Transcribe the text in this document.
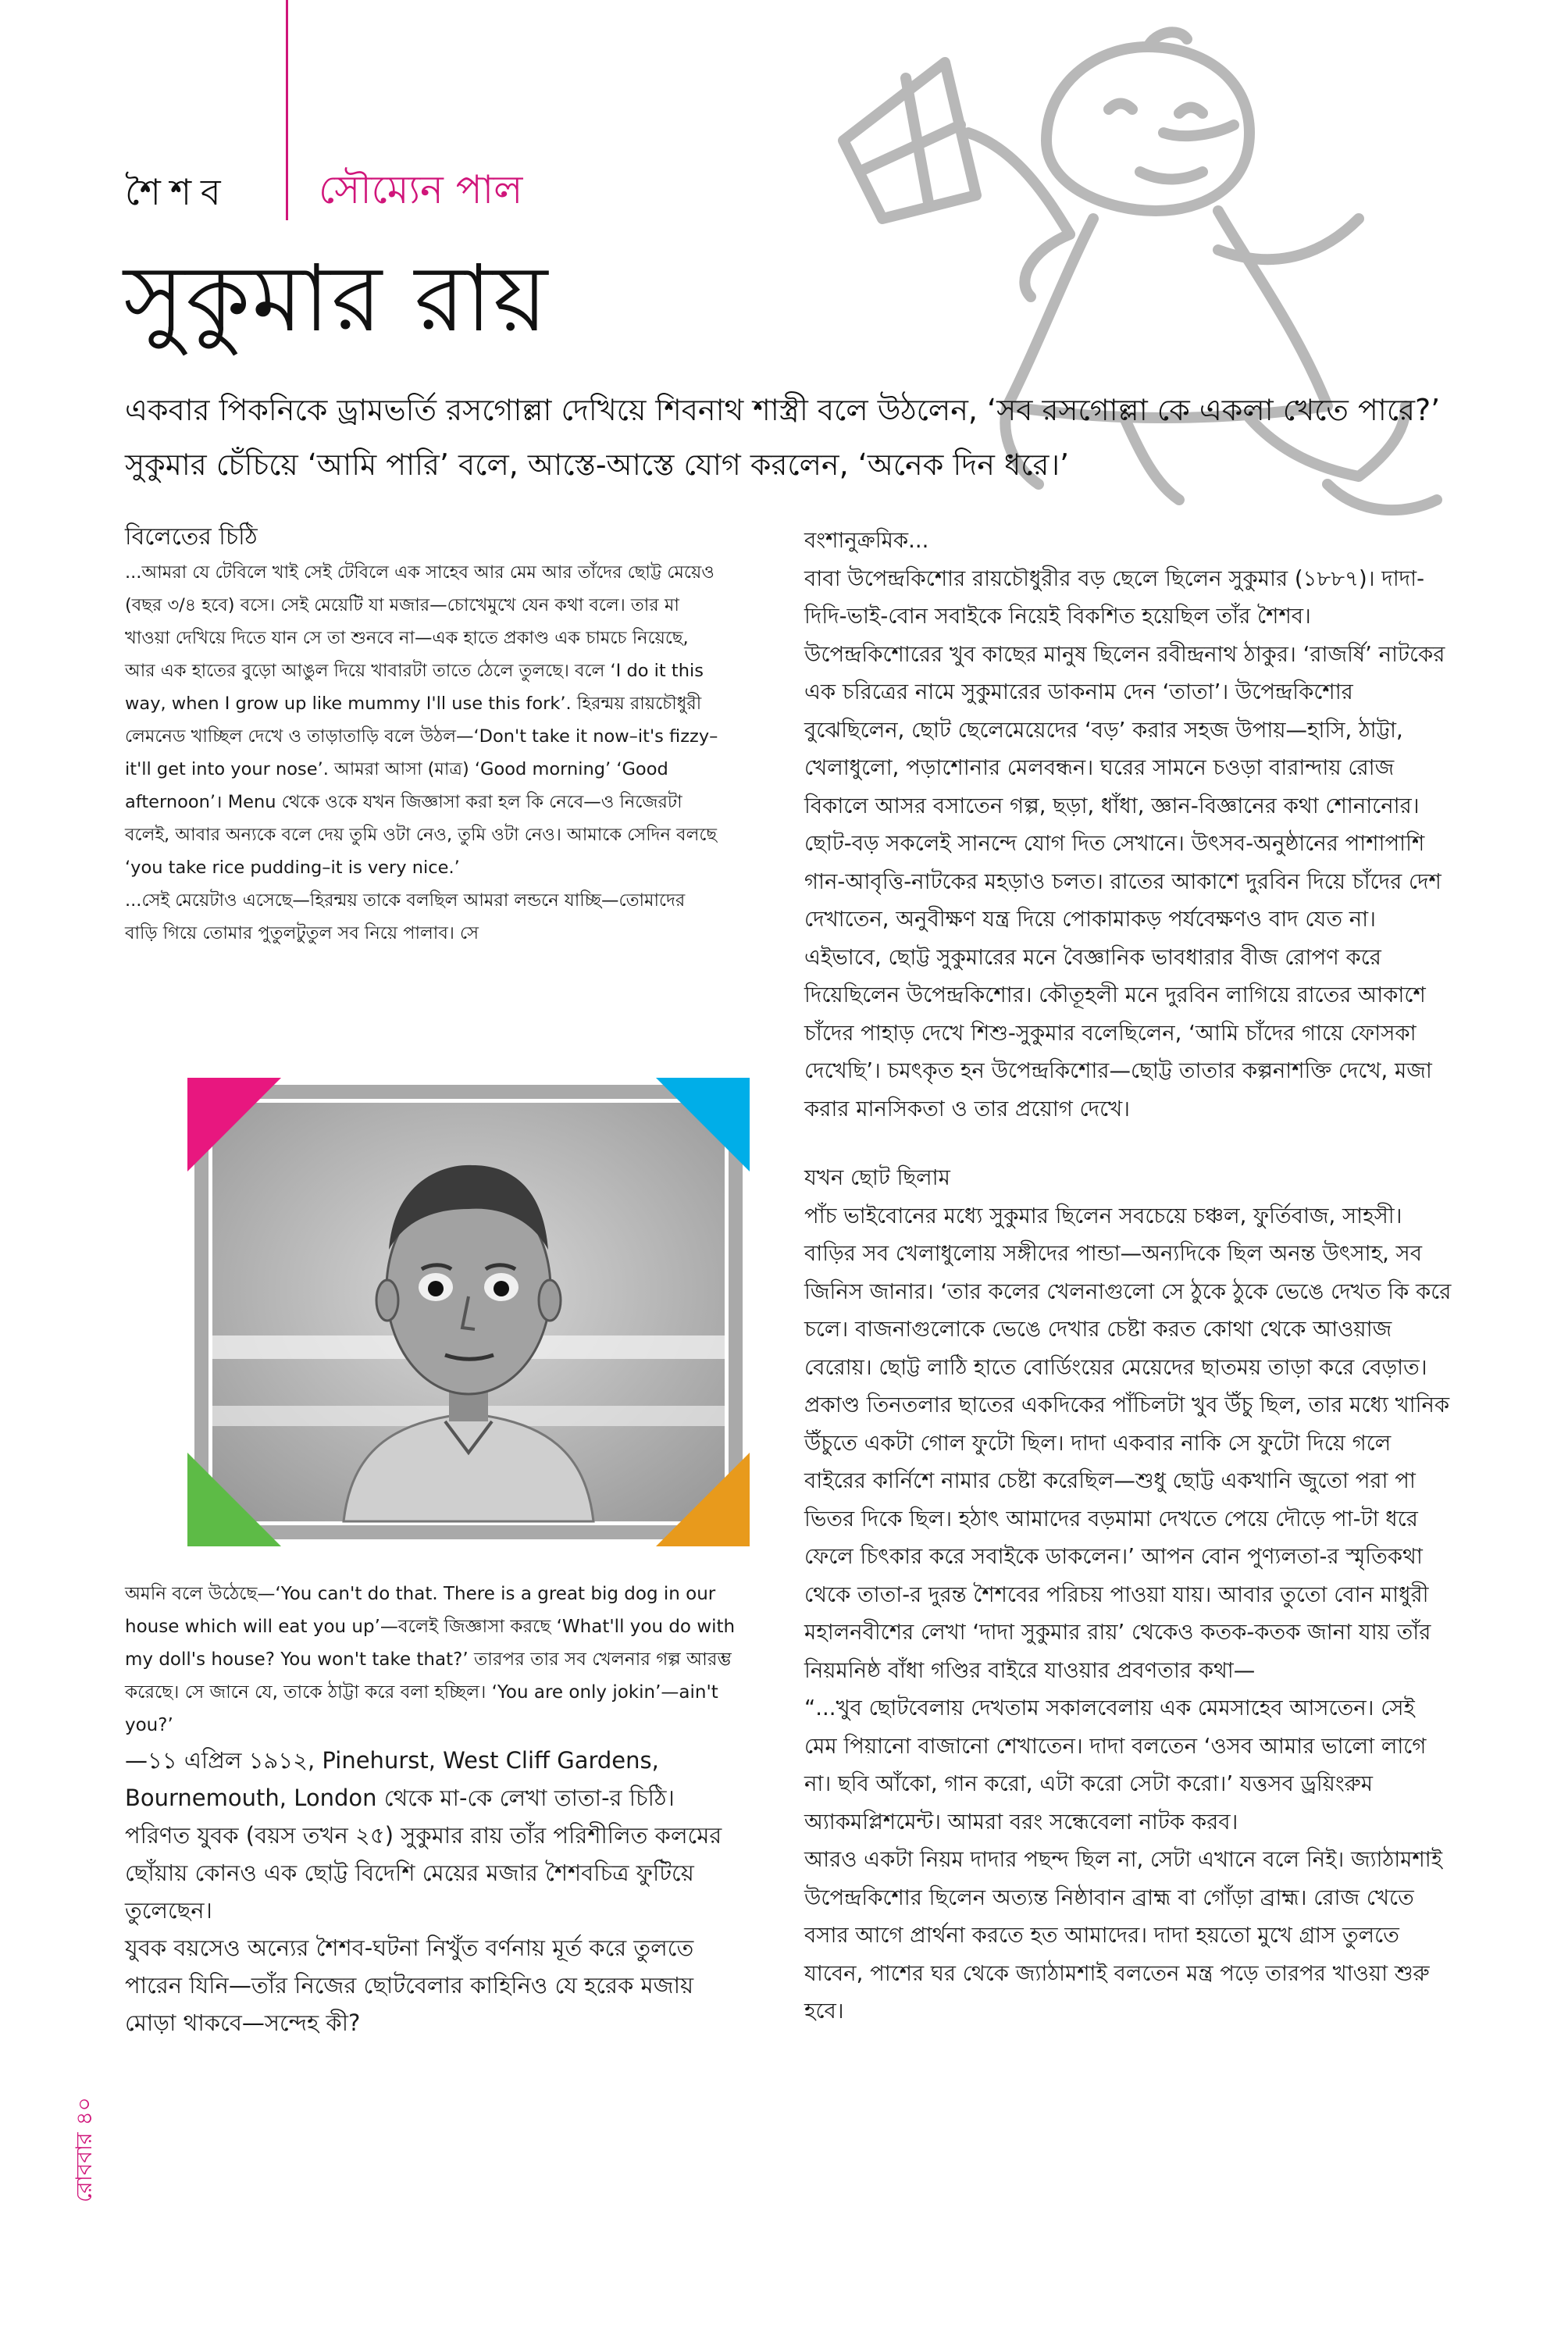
শৈশব সৌম্যেন পাল
সুকুমার রায়
একবার পিকনিকে ড্রামভর্তি রসগোল্লা দেখিয়ে শিবনাথ শাস্ত্রী বলে উঠলেন, ‘সব রসগোল্লা কে একলা খেতে পারে?’ সুকুমার চেঁচিয়ে ‘আমি পারি’ বলে, আস্তে-আস্তে যোগ করলেন, ‘অনেক দিন ধরে।’
বিলেতের চিঠি

...আমরা যে টেবিলে খাই সেই টেবিলে এক সাহেব আর মেম আর তাঁদের ছোট্ট মেয়েও (বছর ৩/৪ হবে) বসে। সেই মেয়েটি যা মজার—চোখেমুখে যেন কথা বলে। তার মা খাওয়া দেখিয়ে দিতে যান সে তা শুনবে না—এক হাতে প্রকাণ্ড এক চামচে নিয়েছে, আর এক হাতের বুড়ো আঙুল দিয়ে খাবারটা তাতে ঠেলে তুলছে। বলে ‘I do it this way, when I grow up like mummy I'll use this fork’. হিরন্ময় রায়চৌধুরী লেমনেড খাচ্ছিল দেখে ও তাড়াতাড়ি বলে উঠল—‘Don't take it now–it's fizzy–it'll get into your nose’. আমরা আসা (মাত্র) ‘Good morning’ ‘Good afternoon’। Menu থেকে ওকে যখন জিজ্ঞাসা করা হল কি নেবে—ও নিজেরটা বলেই, আবার অন্যকে বলে দেয় তুমি ওটা নেও, তুমি ওটা নেও। আমাকে সেদিন বলছে ‘you take rice pudding–it is very nice.’
...সেই মেয়েটাও এসেছে—হিরন্ময় তাকে বলছিল আমরা লন্ডনে যাচ্ছি—তোমাদের বাড়ি গিয়ে তোমার পুতুলটুতুল সব নিয়ে পালাব। সে

অমনি বলে উঠেছে—‘You can't do that. There is a great big dog in our house which will eat you up’—বলেই জিজ্ঞাসা করছে ‘What'll you do with my doll's house? You won't take that?’ তারপর তার সব খেলনার গল্প আরম্ভ করেছে। সে জানে যে, তাকে ঠাট্টা করে বলা হচ্ছিল। ‘You are only jokin’—ain't you?’

—১১ এপ্রিল ১৯১২, Pinehurst, West Cliff Gardens, Bournemouth, London থেকে মা-কে লেখা তাতা-র চিঠি। পরিণত যুবক (বয়স তখন ২৫) সুকুমার রায় তাঁর পরিশীলিত কলমের ছোঁয়ায় কোনও এক ছোট্ট বিদেশি মেয়ের মজার শৈশবচিত্র ফুটিয়ে তুলেছেন।
যুবক বয়সেও অন্যের শৈশব-ঘটনা নিখুঁত বর্ণনায় মূর্ত করে তুলতে পারেন যিনি—তাঁর নিজের ছোটবেলার কাহিনিও যে হরেক মজায় মোড়া থাকবে—সন্দেহ কী?

বংশানুক্রমিক...

বাবা উপেন্দ্রকিশোর রায়চৌধুরীর বড় ছেলে ছিলেন সুকুমার (১৮৮৭)। দাদা-দিদি-ভাই-বোন সবাইকে নিয়েই বিকশিত হয়েছিল তাঁর শৈশব। উপেন্দ্রকিশোরের খুব কাছের মানুষ ছিলেন রবীন্দ্রনাথ ঠাকুর। ‘রাজর্ষি’ নাটকের এক চরিত্রের নামে সুকুমারের ডাকনাম দেন ‘তাতা’। উপেন্দ্রকিশোর বুঝেছিলেন, ছোট ছেলেমেয়েদের ‘বড়’ করার সহজ উপায়—হাসি, ঠাট্টা, খেলাধুলো, পড়াশোনার মেলবন্ধন। ঘরের সামনে চওড়া বারান্দায় রোজ বিকালে আসর বসাতেন গল্প, ছড়া, ধাঁধা, জ্ঞান-বিজ্ঞানের কথা শোনানোর। ছোট-বড় সকলেই সানন্দে যোগ দিত সেখানে। উৎসব-অনুষ্ঠানের পাশাপাশি গান-আবৃত্তি-নাটকের মহড়াও চলত। রাতের আকাশে দুরবিন দিয়ে চাঁদের দেশ দেখাতেন, অনুবীক্ষণ যন্ত্র দিয়ে পোকামাকড় পর্যবেক্ষণও বাদ যেত না। এইভাবে, ছোট্ট সুকুমারের মনে বৈজ্ঞানিক ভাবধারার বীজ রোপণ করে দিয়েছিলেন উপেন্দ্রকিশোর। কৌতূহলী মনে দুরবিন লাগিয়ে রাতের আকাশে চাঁদের পাহাড় দেখে শিশু-সুকুমার বলেছিলেন, ‘আমি চাঁদের গায়ে ফোসকা দেখেছি’। চমৎকৃত হন উপেন্দ্রকিশোর—ছোট্ট তাতার কল্পনাশক্তি দেখে, মজা করার মানসিকতা ও তার প্রয়োগ দেখে।

যখন ছোট ছিলাম

পাঁচ ভাইবোনের মধ্যে সুকুমার ছিলেন সবচেয়ে চঞ্চল, ফুর্তিবাজ, সাহসী। বাড়ির সব খেলাধুলোয় সঙ্গীদের পান্ডা—অন্যদিকে ছিল অনন্ত উৎসাহ, সব জিনিস জানার। ‘তার কলের খেলনাগুলো সে ঠুকে ঠুকে ভেঙে দেখত কি করে চলে। বাজনাগুলোকে ভেঙে দেখার চেষ্টা করত কোথা থেকে আওয়াজ বেরোয়। ছোট্ট লাঠি হাতে বোর্ডিংয়ের মেয়েদের ছাতময় তাড়া করে বেড়াত। প্রকাণ্ড তিনতলার ছাতের একদিকের পাঁচিলটা খুব উঁচু ছিল, তার মধ্যে খানিক উঁচুতে একটা গোল ফুটো ছিল। দাদা একবার নাকি সে ফুটো দিয়ে গলে বাইরের কার্নিশে নামার চেষ্টা করেছিল—শুধু ছোট্ট একখানি জুতো পরা পা ভিতর দিকে ছিল। হঠাৎ আমাদের বড়মামা দেখতে পেয়ে দৌড়ে পা-টা ধরে ফেলে চিৎকার করে সবাইকে ডাকলেন।’ আপন বোন পুণ্যলতা-র স্মৃতিকথা থেকে তাতা-র দুরন্ত শৈশবের পরিচয় পাওয়া যায়। আবার তুতো বোন মাধুরী মহালনবীশের লেখা ‘দাদা সুকুমার রায়’ থেকেও কতক-কতক জানা যায় তাঁর নিয়মনিষ্ঠ বাঁধা গণ্ডির বাইরে যাওয়ার প্রবণতার কথা—

“...খুব ছোটবেলায় দেখতাম সকালবেলায় এক মেমসাহেব আসতেন। সেই মেম পিয়ানো বাজানো শেখাতেন। দাদা বলতেন ‘ওসব আমার ভালো লাগে না। ছবি আঁকো, গান করো, এটা করো সেটা করো।’ যত্তসব ড্রয়িংরুম অ্যাকমপ্লিশমেন্ট। আমরা বরং সন্ধেবেলা নাটক করব।
আরও একটা নিয়ম দাদার পছন্দ ছিল না, সেটা এখানে বলে নিই। জ্যাঠামশাই উপেন্দ্রকিশোর ছিলেন অত্যন্ত নিষ্ঠাবান ব্রাহ্ম বা গোঁড়া ব্রাহ্ম। রোজ খেতে বসার আগে প্রার্থনা করতে হত আমাদের। দাদা হয়তো মুখে গ্রাস তুলতে যাবেন, পাশের ঘর থেকে জ্যাঠামশাই বলতেন মন্ত্র পড়ে তারপর খাওয়া শুরু হবে।

রোববার ৪০
